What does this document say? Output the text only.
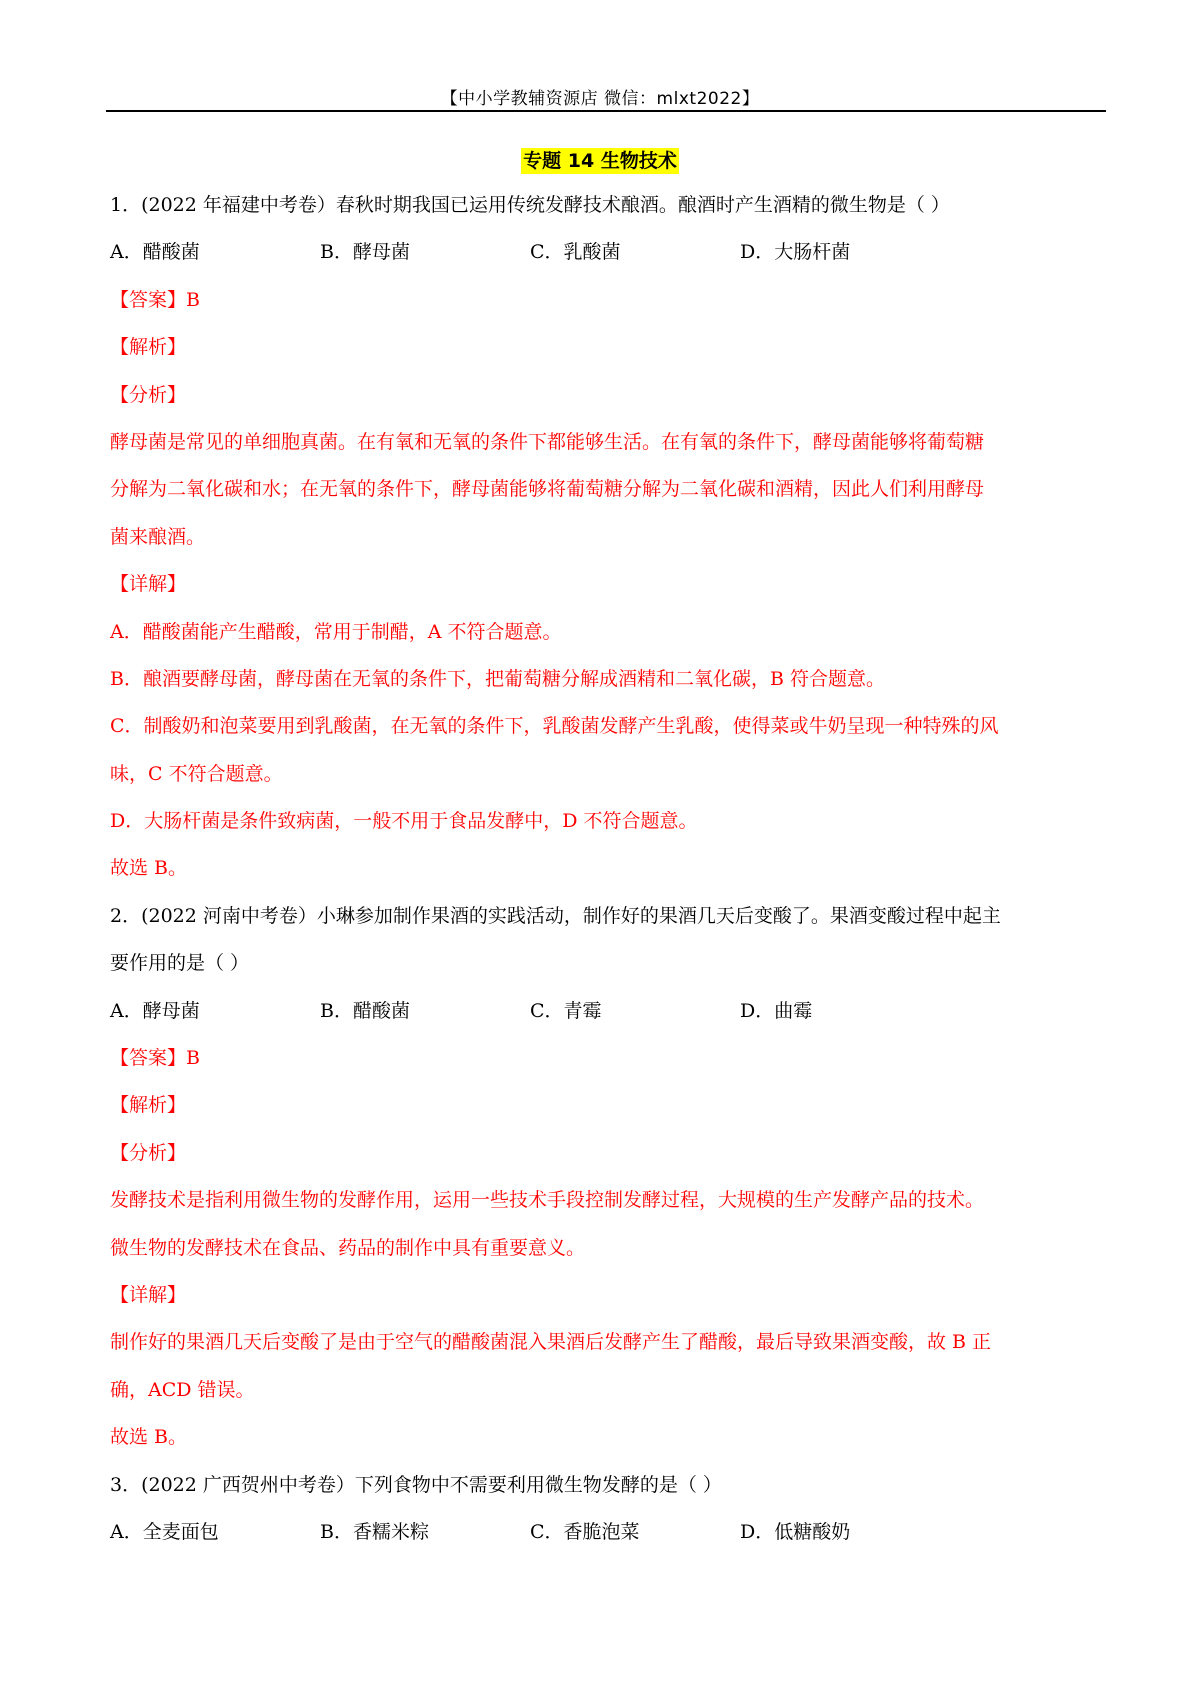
【中小学教辅资源店 微信：mlxt2022】
专题 14 生物技术
1．(2022 年福建中考卷）春秋时期我国已运用传统发酵技术酿酒。酿酒时产生酒精的微生物是（ ）
A．醋酸菌	B．酵母菌	C．乳酸菌	D．大肠杆菌
【答案】B
【解析】
【分析】
酵母菌是常见的单细胞真菌。在有氧和无氧的条件下都能够生活。在有氧的条件下，酵母菌能够将葡萄糖
分解为二氧化碳和水；在无氧的条件下，酵母菌能够将葡萄糖分解为二氧化碳和酒精，因此人们利用酵母
菌来酿酒。
【详解】
A．醋酸菌能产生醋酸，常用于制醋，A 不符合题意。
B．酿酒要酵母菌，酵母菌在无氧的条件下，把葡萄糖分解成酒精和二氧化碳，B 符合题意。
C．制酸奶和泡菜要用到乳酸菌，在无氧的条件下，乳酸菌发酵产生乳酸，使得菜或牛奶呈现一种特殊的风
味，C 不符合题意。
D．大肠杆菌是条件致病菌，一般不用于食品发酵中，D 不符合题意。
故选 B。
2．(2022 河南中考卷）小琳参加制作果酒的实践活动，制作好的果酒几天后变酸了。果酒变酸过程中起主
要作用的是（ ）
A．酵母菌	B．醋酸菌	C．青霉	D．曲霉
【答案】B
【解析】
【分析】
发酵技术是指利用微生物的发酵作用，运用一些技术手段控制发酵过程，大规模的生产发酵产品的技术。
微生物的发酵技术在食品、药品的制作中具有重要意义。
【详解】
制作好的果酒几天后变酸了是由于空气的醋酸菌混入果酒后发酵产生了醋酸，最后导致果酒变酸，故 B 正
确，ACD 错误。
故选 B。
3．(2022 广西贺州中考卷）下列食物中不需要利用微生物发酵的是（ ）
A．全麦面包	B．香糯米粽	C．香脆泡菜	D．低糖酸奶
